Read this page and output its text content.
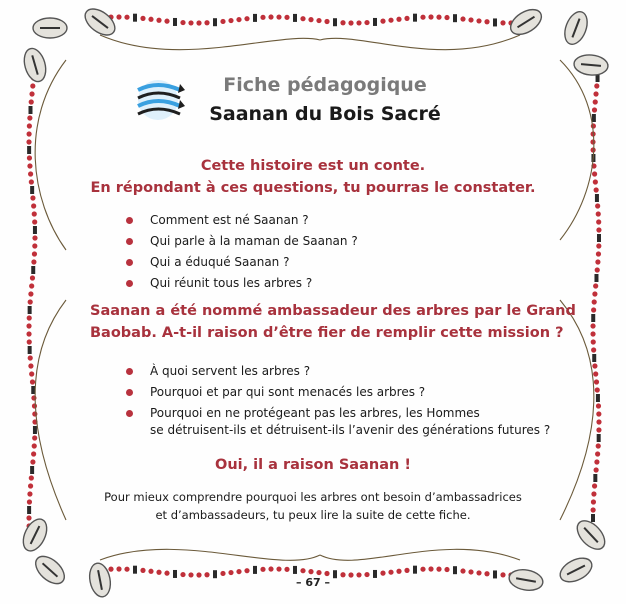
Fiche pédagogique
Saanan du Bois Sacré
Cette histoire est un conte.
En répondant à ces questions, tu pourras le constater.
Comment est né Saanan ?
Qui parle à la maman de Saanan ?
Qui a éduqué Saanan ?
Qui réunit tous les arbres ?
Saanan a été nommé ambassadeur des arbres par le Grand
Baobab. A-t-il raison d’être fier de remplir cette mission ?
À quoi servent les arbres ?
Pourquoi et par qui sont menacés les arbres ?
Pourquoi en ne protégeant pas les arbres, les Hommes
se détruisent-ils et détruisent-ils l’avenir des générations futures ?
Oui, il a raison Saanan !
Pour mieux comprendre pourquoi les arbres ont besoin d’ambassadrices
et d’ambassadeurs, tu peux lire la suite de cette fiche.
– 67 –
